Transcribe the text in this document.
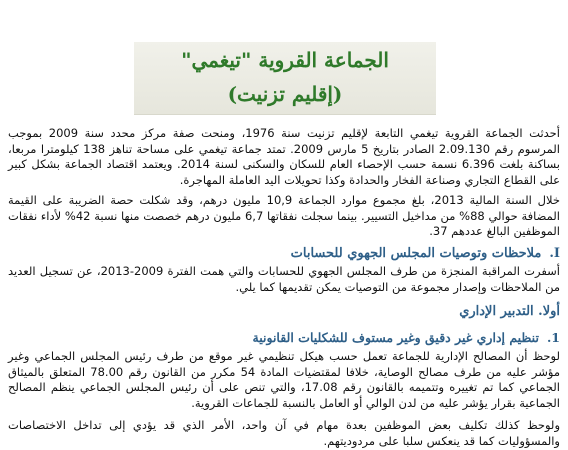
الجماعة القروية "تيغمي"
(إقليم تزنيت)

أحدثت الجماعة القروية تيغمي التابعة لإقليم تزنيت سنة 1976، ومنحت صفة مركز محدد سنة 2009 بموجب المرسوم رقم 2.09.130 الصادر بتاريخ 5 مارس 2009. تمتد جماعة تيغمي على مساحة تناهز 138 كيلومترا مربعا، بساكنة بلغت 6.396 نسمة حسب الإحصاء العام للسكان والسكنى لسنة 2014. ويعتمد اقتصاد الجماعة بشكل كبير على القطاع التجاري وصناعة الفخار والحدادة وكذا تحويلات اليد العاملة المهاجرة.

خلال السنة المالية 2013، بلغ مجموع موارد الجماعة 10,9 مليون درهم، وقد شكلت حصة الضريبة على القيمة المضافة حوالي 88% من مداخيل التسيير. بينما سجلت نفقاتها 6,7 مليون درهم خصصت منها نسبة 42% لأداء نفقات الموظفين البالغ عددهم 37.

I.ملاحظات وتوصيات المجلس الجهوي للحسابات

أسفرت المراقبة المنجزة من طرف المجلس الجهوي للحسابات والتي همت الفترة 2009-2013، عن تسجيل العديد من الملاحظات وإصدار مجموعة من التوصيات يمكن تقديمها كما يلي.

أولا. التدبير الإداري
1.تنظيم إداري غير دقيق وغير مستوف للشكليات القانونية

لوحظ أن المصالح الإدارية للجماعة تعمل حسب هيكل تنظيمي غير موقع من طرف رئيس المجلس الجماعي وغير مؤشر عليه من طرف مصالح الوصاية، خلافا لمقتضيات المادة 54 مكرر من القانون رقم 78.00 المتعلق بالميثاق الجماعي كما تم تغييره وتتميمه بالقانون رقم 17.08، والتي تنص على أن رئيس المجلس الجماعي ينظم المصالح الجماعية بقرار يؤشر عليه من لدن الوالي أو العامل بالنسبة للجماعات القروية.

ولوحظ كذلك تكليف بعض الموظفين بعدة مهام في آن واحد، الأمر الذي قد يؤدي إلى تداخل الاختصاصات والمسؤوليات كما قد ينعكس سلبا على مردوديتهم.
